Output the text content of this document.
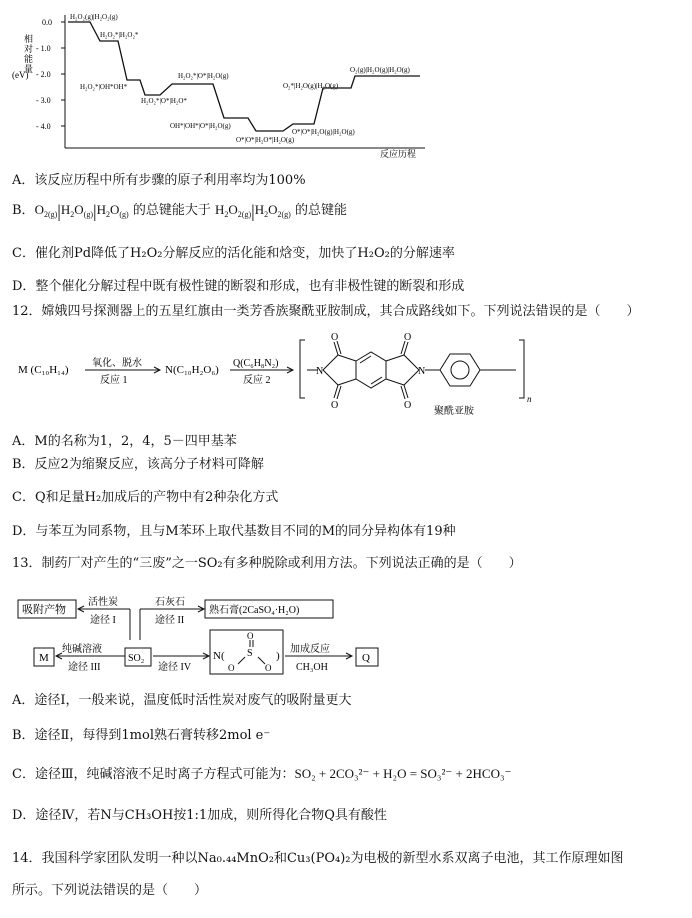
相
对
能
量
(eV)
0.0
- 1.0
- 2.0
- 3.0
- 4.0
H₂O₂(g)|H₂O₂(g)
H₂O₂*|H₂O₂*
H₂O₂*|OH*OH*
H₂O₂*|O*|H₂O*
H₂O₂*|O*|H₂O(g)
OH*|OH*|O*|H₂O(g)
O*|O*|H₂O*|H₂O(g)
O*|O*|H₂O(g)|H₂O(g)
O₂*|H₂O(g)|H₂O(g)
O₂(g)|H₂O(g)|H₂O(g)
反应历程
A．该反应历程中所有步骤的原子利用率均为100%
B．$O_{2(g)}|H_2O_{(g)}|H_2O_{(g)}$ 的总键能大于 $H_2O_{2(g)}|H_2O_{2(g)}$ 的总键能
C．催化剂Pd降低了H₂O₂分解反应的活化能和焓变，加快了H₂O₂的分解速率
D．整个催化分解过程中既有极性键的断裂和形成，也有非极性键的断裂和形成
12．嫦娥四号探测器上的五星红旗由一类芳香族聚酰亚胺制成，其合成路线如下。下列说法错误的是（　　）
M (C₁₀H₁₄)
氧化、脱水
反应 1
N(C₁₀H₂O₆)
Q(C₆H₈N₂)
反应 2
O
O
O
O
N	N
n
聚酰亚胺
A．M的名称为1，2，4，5－四甲基苯
B．反应2为缩聚反应，该高分子材料可降解
C．Q和足量H₂加成后的产物中有2种杂化方式
D．与苯互为同系物，且与M苯环上取代基数目不同的M的同分异构体有19种
13．制药厂对产生的“三废”之一SO₂有多种脱除或利用方法。下列说法正确的是（　　）
吸附产物
活性炭
途径 I
石灰石
途径 II
熟石膏(2CaSO₄·H₂O)
M
纯碱溶液
途径 III
SO₂
途径 IV
N(
O
O
S
O
)
加成反应
CH₃OH
Q
A．途径Ⅰ，一般来说，温度低时活性炭对废气的吸附量更大
B．途径Ⅱ，每得到1mol熟石膏转移2mol e⁻
C．途径Ⅲ，纯碱溶液不足时离子方程式可能为：SO₂ + 2CO₃²⁻ + H₂O = SO₃²⁻ + 2HCO₃⁻
D．途径Ⅳ，若N与CH₃OH按1:1加成，则所得化合物Q具有酸性
14．我国科学家团队发明一种以Na₀.₄₄MnO₂和Cu₃(PO₄)₂为电极的新型水系双离子电池，其工作原理如图
所示。下列说法错误的是（　　）
